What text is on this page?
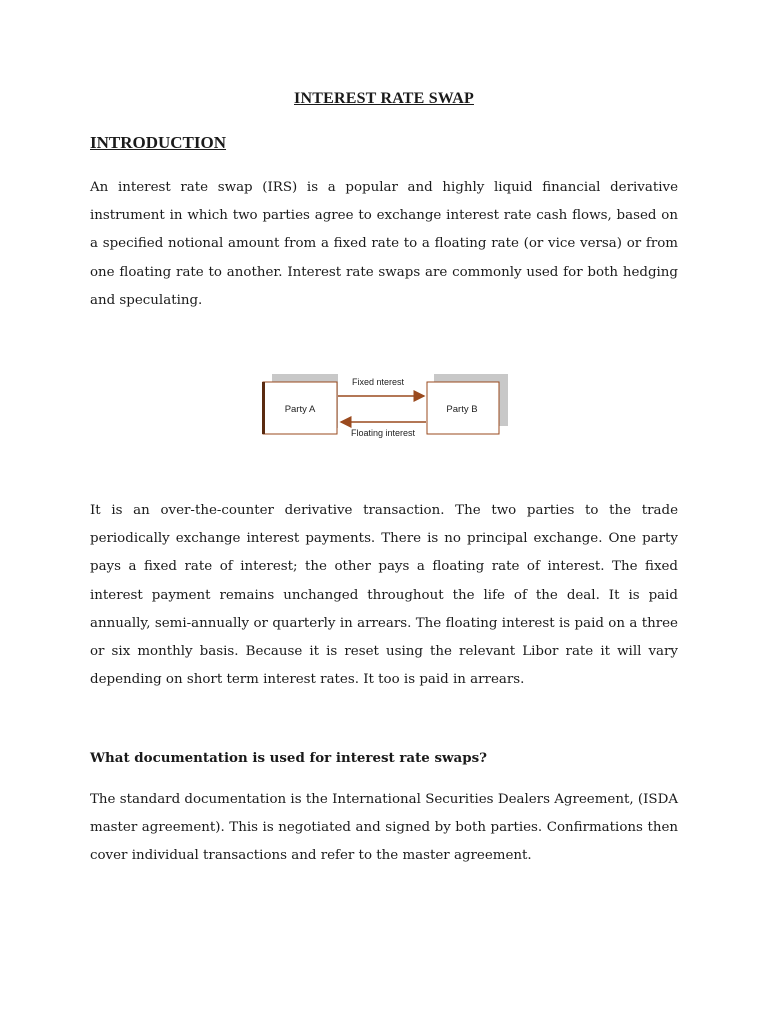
INTEREST RATE SWAP
INTRODUCTION

An interest rate swap (IRS) is a popular and highly liquid financial derivative instrument in which two parties agree to exchange interest rate cash flows, based on a specified notional amount from a fixed rate to a floating rate (or vice versa) or from one floating rate to another. Interest rate swaps are commonly used for both hedging and speculating.

Party A	Party B
Fixed nterest
Floating interest

It is an over-the-counter derivative transaction. The two parties to the trade periodically exchange interest payments. There is no principal exchange. One party pays a fixed rate of interest; the other pays a floating rate of interest. The fixed interest payment remains unchanged throughout the life of the deal. It is paid annually, semi-annually or quarterly in arrears. The floating interest is paid on a three or six monthly basis. Because it is reset using the relevant Libor rate it will vary depending on short term interest rates. It too is paid in arrears.

What documentation is used for interest rate swaps?

The standard documentation is the International Securities Dealers Agreement, (ISDA master agreement). This is negotiated and signed by both parties. Confirmations then cover individual transactions and refer to the master agreement.
